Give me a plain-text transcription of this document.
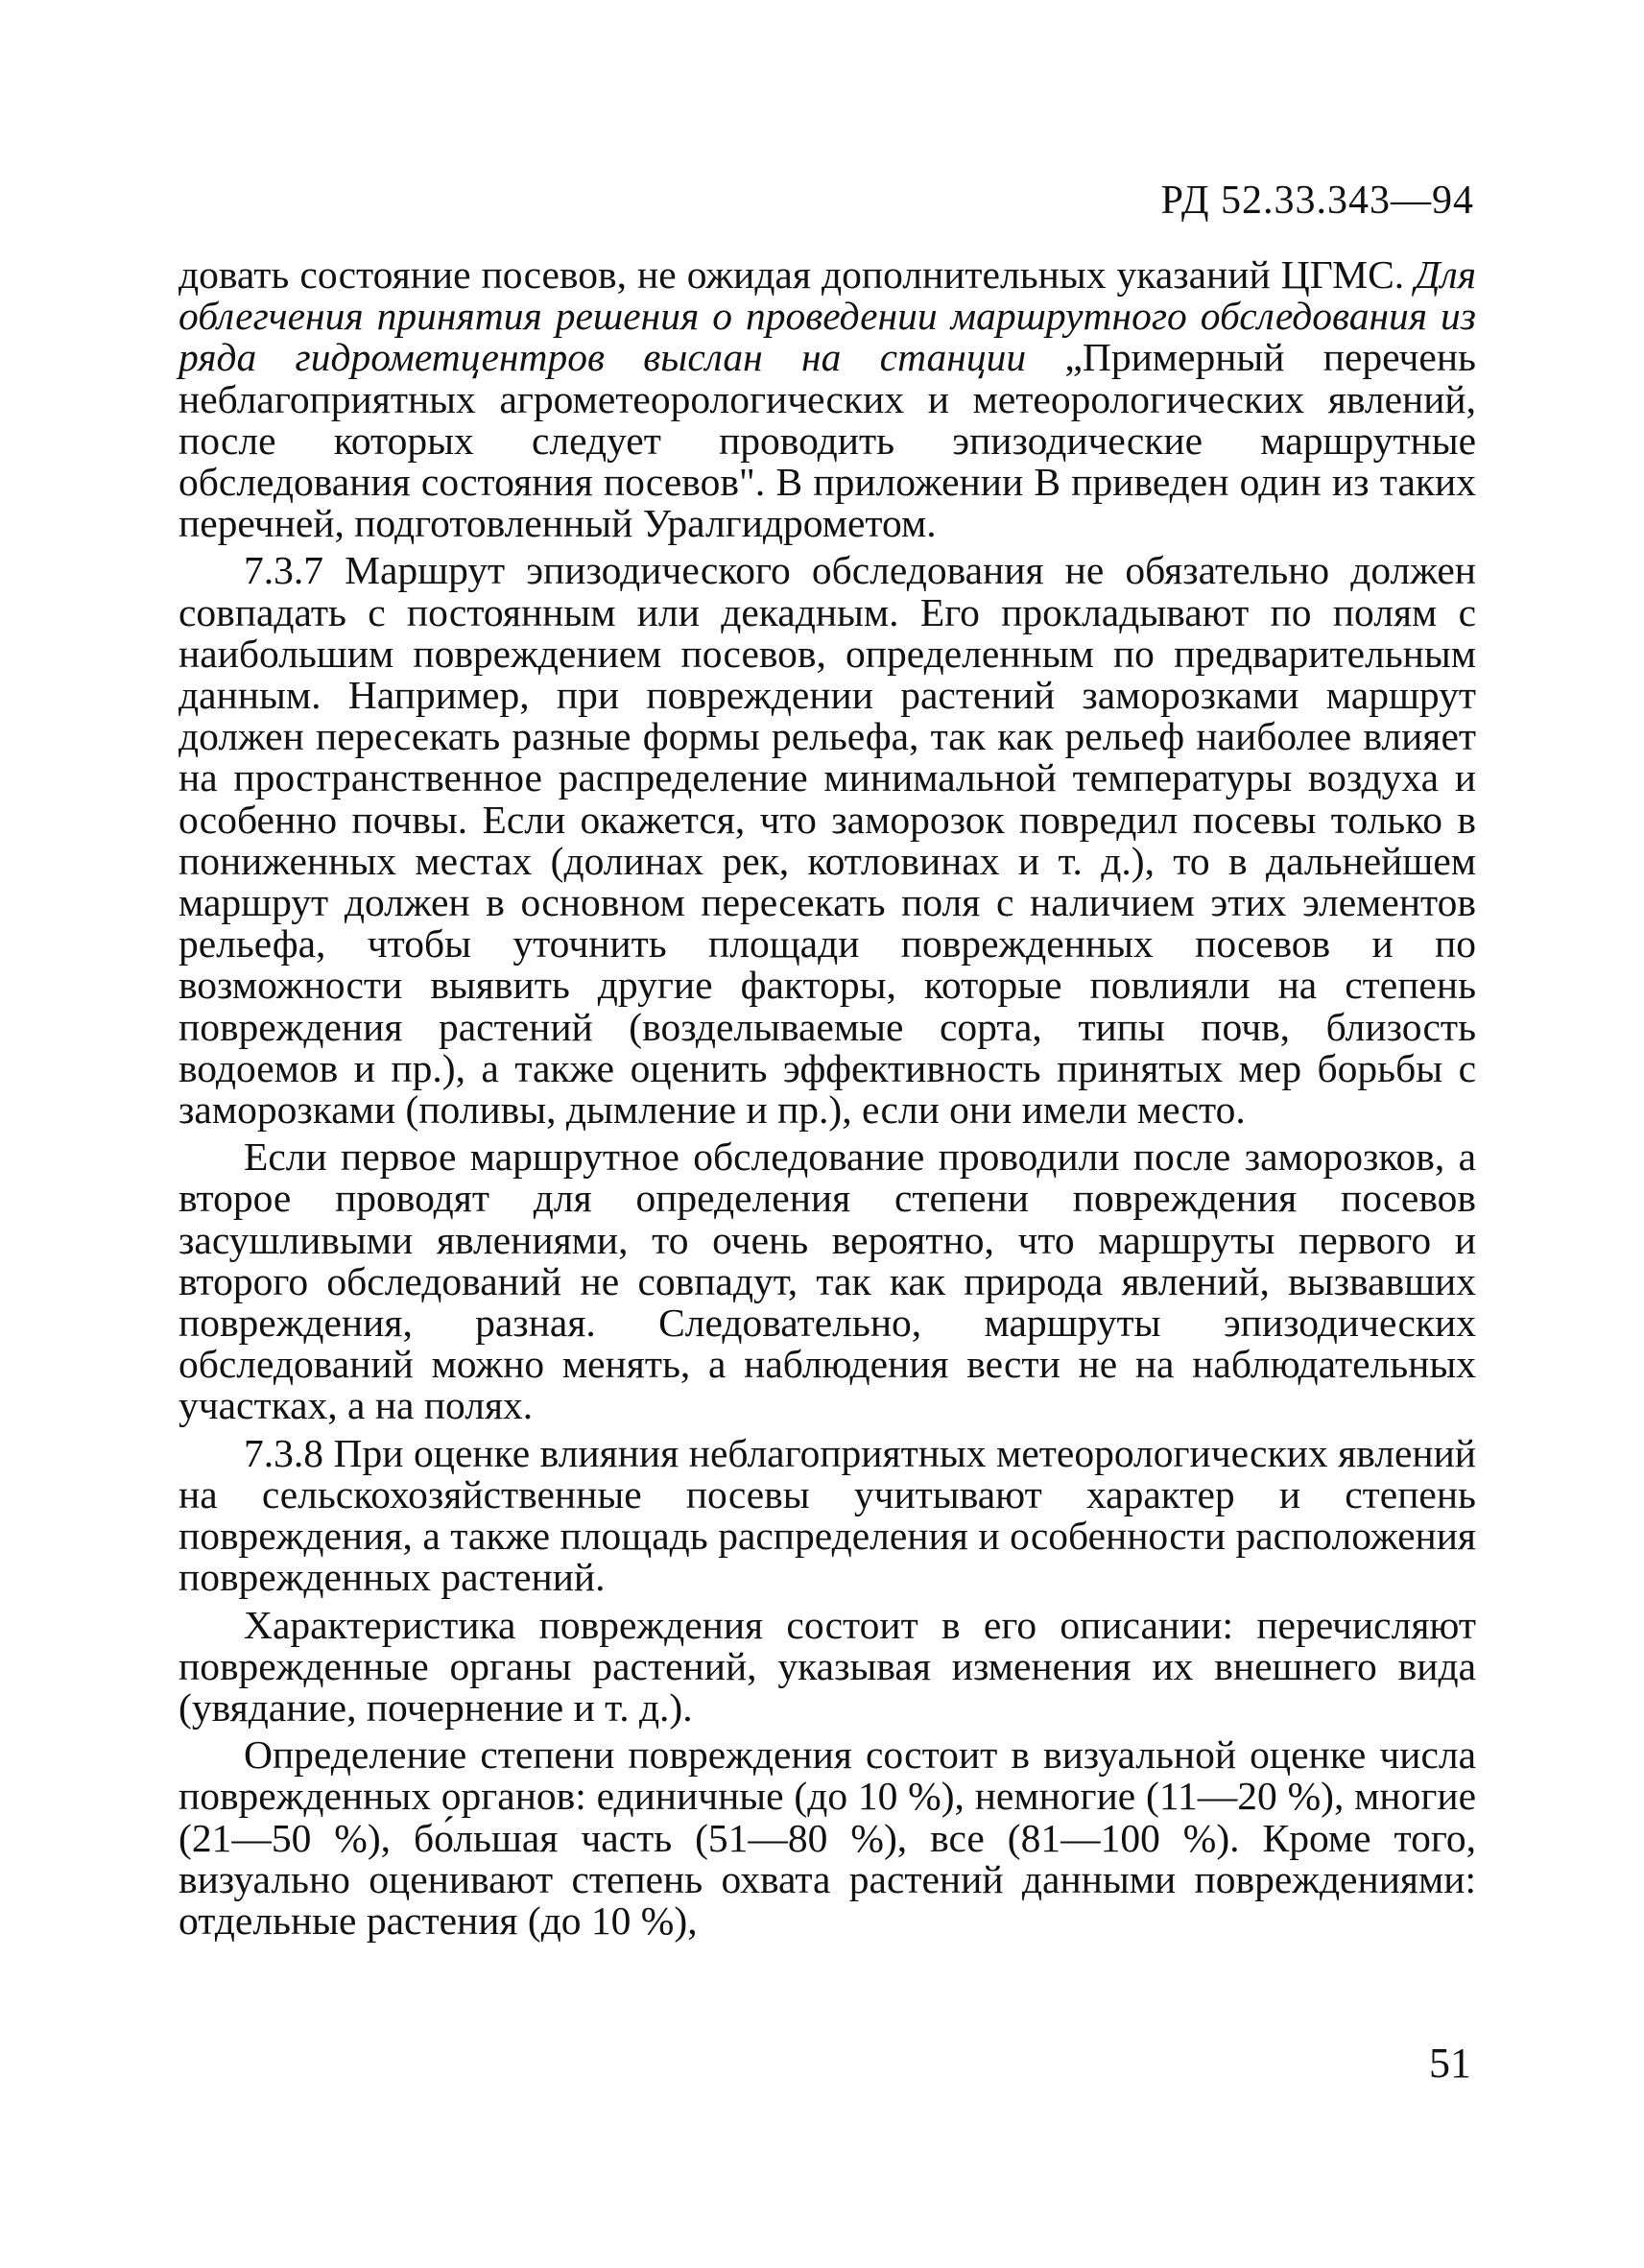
РД 52.33.343—94

довать состояние посевов, не ожидая дополнительных указаний ЦГМС. Для облегчения принятия решения о проведении маршрутного обследования из ряда гидрометцентров выслан на станции „Примерный перечень неблагоприятных агрометеорологических и метеорологических явлений, после которых следует проводить эпизодические маршрутные обследования состояния посевов". В приложении В приведен один из таких перечней, подготовленный Уралгидрометом.

7.3.7 Маршрут эпизодического обследования не обязательно должен совпадать с постоянным или декадным. Его прокладывают по полям с наибольшим повреждением посевов, определенным по предварительным данным. Например, при повреждении растений заморозками маршрут должен пересекать разные формы рельефа, так как рельеф наиболее влияет на пространственное распределение минимальной температуры воздуха и особенно почвы. Если окажется, что заморозок повредил посевы только в пониженных местах (долинах рек, котловинах и т. д.), то в дальнейшем маршрут должен в основном пересекать поля с наличием этих элементов рельефа, чтобы уточнить площади поврежденных посевов и по возможности выявить другие факторы, которые повлияли на степень повреждения растений (возделываемые сорта, типы почв, близость водоемов и пр.), а также оценить эффективность принятых мер борьбы с заморозками (поливы, дымление и пр.), если они имели место.

Если первое маршрутное обследование проводили после заморозков, а второе проводят для определения степени повреждения посевов засушливыми явлениями, то очень вероятно, что маршруты первого и второго обследований не совпадут, так как природа явлений, вызвавших повреждения, разная. Следовательно, маршруты эпизодических обследований можно менять, а наблюдения вести не на наблюдательных участках, а на полях.

7.3.8 При оценке влияния неблагоприятных метеорологических явлений на сельскохозяйственные посевы учитывают характер и степень повреждения, а также площадь распределения и особенности расположения поврежденных растений.

Характеристика повреждения состоит в его описании: перечисляют поврежденные органы растений, указывая изменения их внешнего вида (увядание, почернение и т. д.).

Определение степени повреждения состоит в визуальной оценке числа поврежденных органов: единичные (до 10 %), немногие (11—20 %), многие (21—50 %), бо́льшая часть (51—80 %), все (81—100 %). Кроме того, визуально оценивают степень охвата растений данными повреждениями: отдельные растения (до 10 %),

51
